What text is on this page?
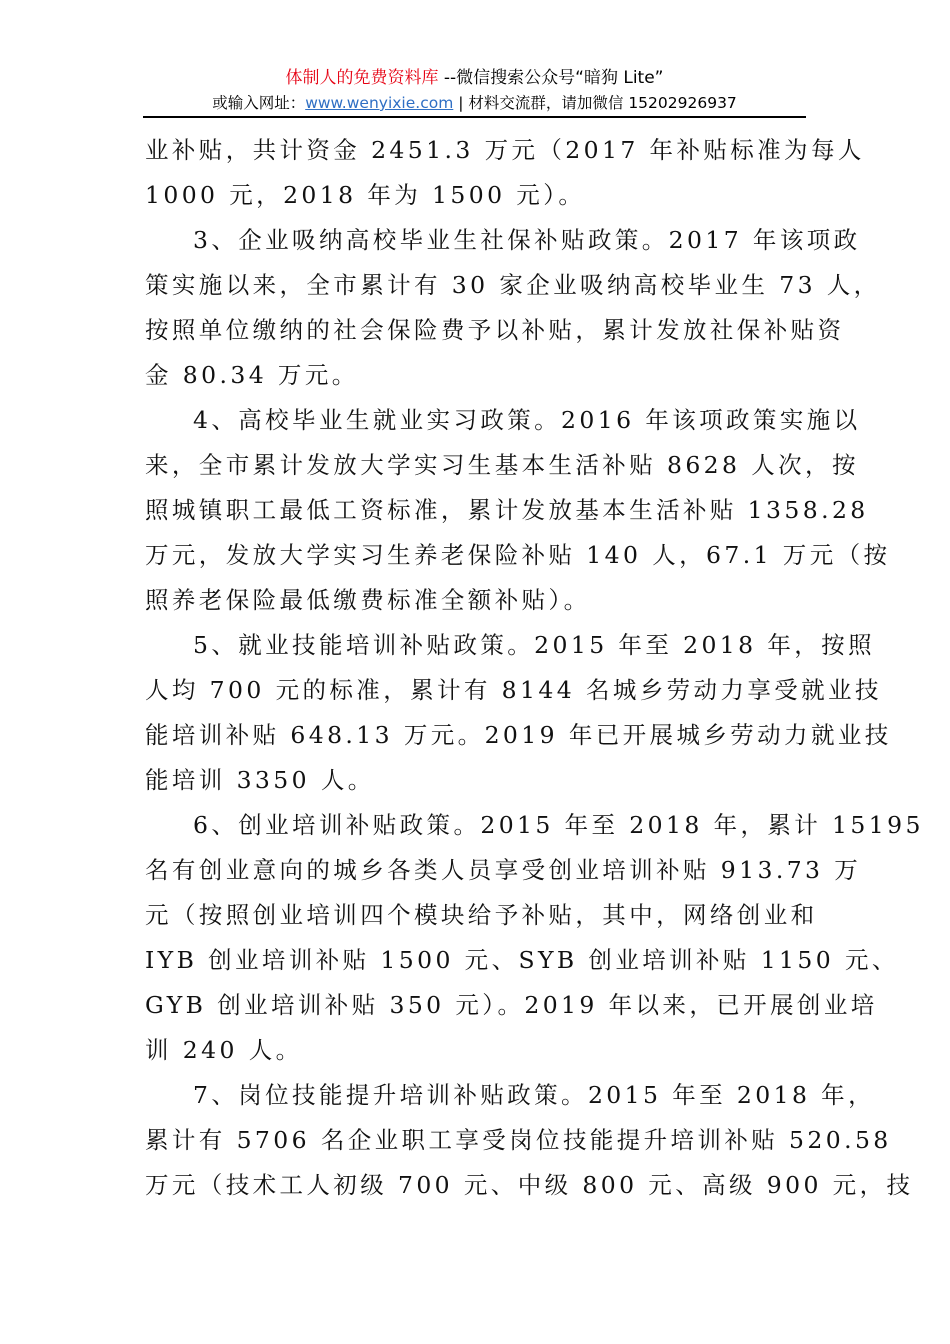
体制人的免费资料库 --微信搜索公众号“暗狗 Lite”
或输入网址：www.wenyixie.com | 材料交流群，请加微信 15202926937
业补贴，共计资金 2451.3 万元（2017 年补贴标准为每人
1000 元，2018 年为 1500 元）。
3、企业吸纳高校毕业生社保补贴政策。2017 年该项政
策实施以来，全市累计有 30 家企业吸纳高校毕业生 73 人，
按照单位缴纳的社会保险费予以补贴，累计发放社保补贴资
金 80.34 万元。
4、高校毕业生就业实习政策。2016 年该项政策实施以
来，全市累计发放大学实习生基本生活补贴 8628 人次，按
照城镇职工最低工资标准，累计发放基本生活补贴 1358.28
万元，发放大学实习生养老保险补贴 140 人，67.1 万元（按
照养老保险最低缴费标准全额补贴）。
5、就业技能培训补贴政策。2015 年至 2018 年，按照
人均 700 元的标准，累计有 8144 名城乡劳动力享受就业技
能培训补贴 648.13 万元。2019 年已开展城乡劳动力就业技
能培训 3350 人。
6、创业培训补贴政策。2015 年至 2018 年，累计 15195
名有创业意向的城乡各类人员享受创业培训补贴 913.73 万
元（按照创业培训四个模块给予补贴，其中，网络创业和
IYB 创业培训补贴 1500 元、SYB 创业培训补贴 1150 元、
GYB 创业培训补贴 350 元）。2019 年以来，已开展创业培
训 240 人。
7、岗位技能提升培训补贴政策。2015 年至 2018 年，
累计有 5706 名企业职工享受岗位技能提升培训补贴 520.58
万元（技术工人初级 700 元、中级 800 元、高级 900 元，技
